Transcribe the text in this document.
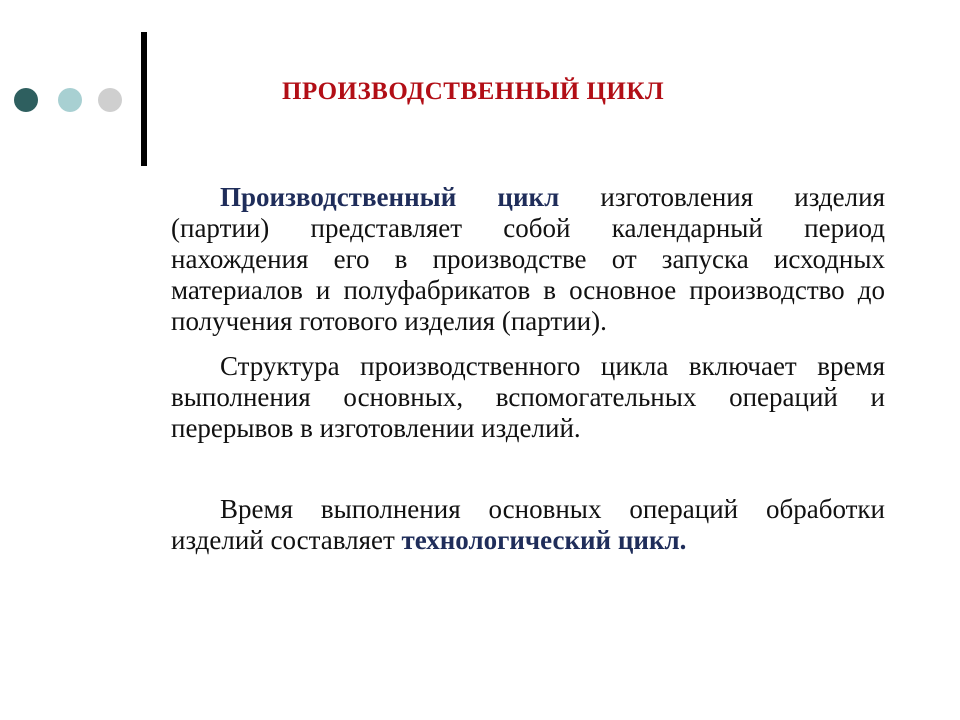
ПРОИЗВОДСТВЕННЫЙ ЦИКЛ

Производственный цикл изготовления изделия (партии) представляет собой календарный период нахождения его в производстве от запуска исходных материалов и полуфабрикатов в основное производство до получения готового изделия (партии).

Структура производственного цикла включает время выполнения основных, вспомогательных операций и перерывов в изготовлении изделий.

Время выполнения основных операций обработки изделий составляет технологический цикл.
